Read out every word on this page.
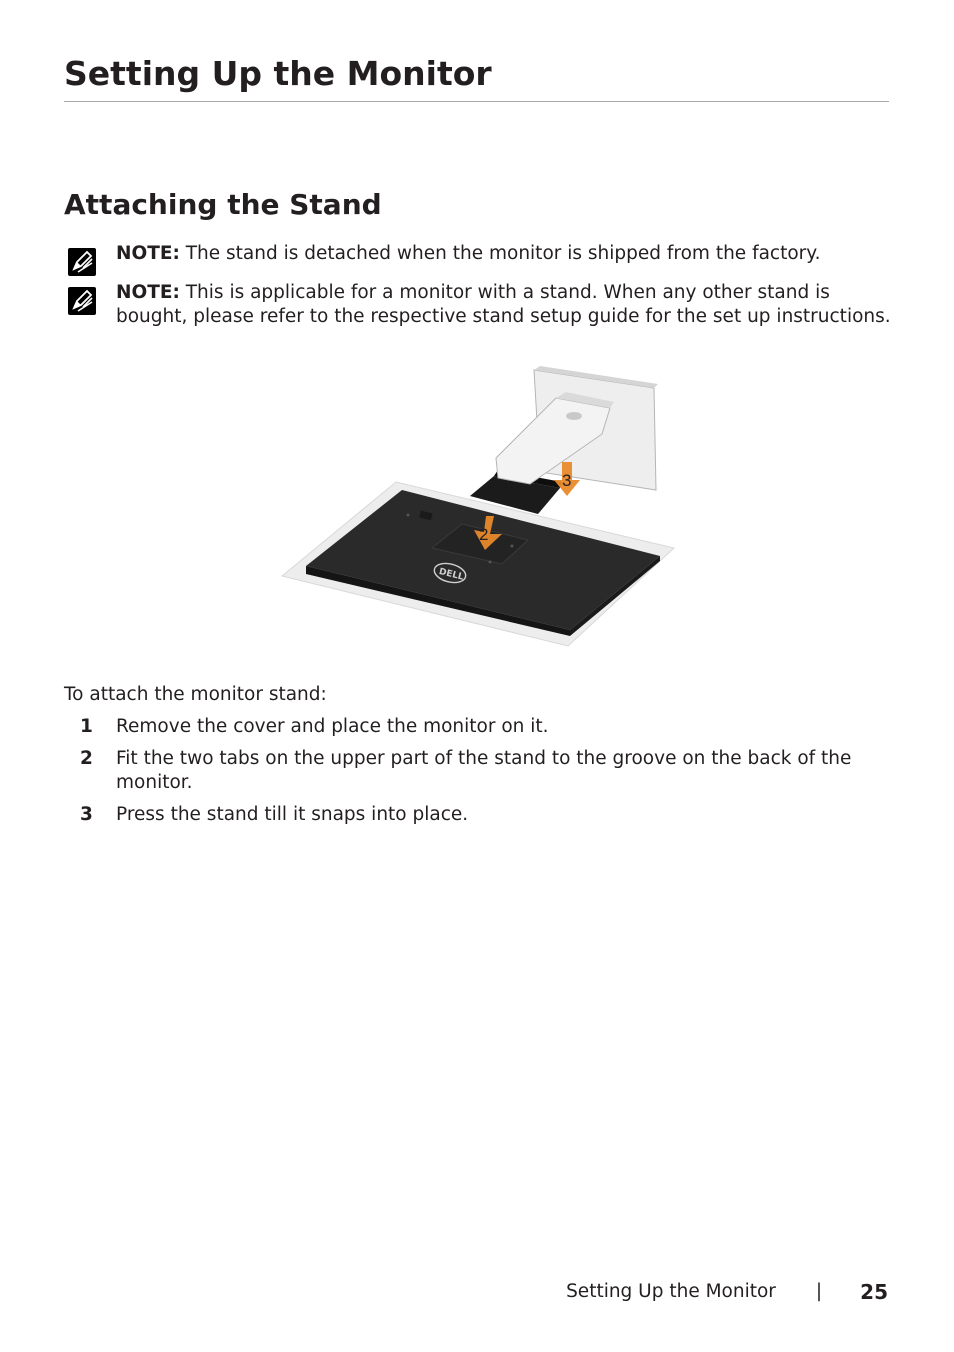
Setting Up the Monitor
Attaching the Stand
NOTE: The stand is detached when the monitor is shipped from the factory.
NOTE: This is applicable for a monitor with a stand. When any other stand is bought, please refer to the respective stand setup guide for the set up instructions.
DELL
2
3
To attach the monitor stand:
1 Remove the cover and place the monitor on it.
2 Fit the two tabs on the upper part of the stand to the groove on the back of the monitor.
3 Press the stand till it snaps into place.
Setting Up the Monitor | 25
